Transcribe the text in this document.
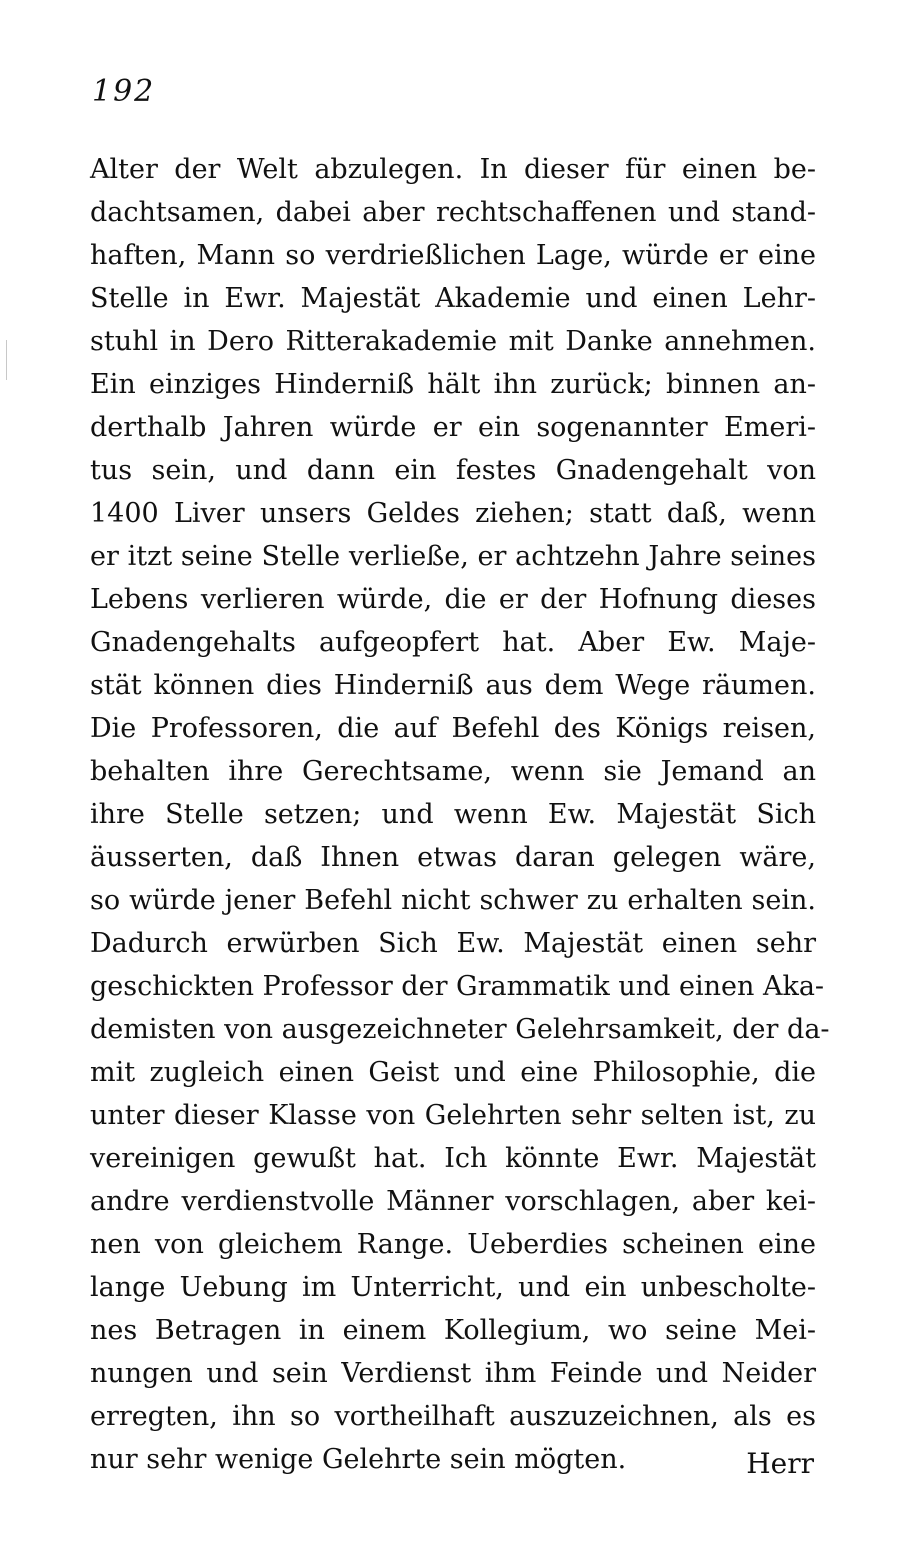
192
Alter der Welt abzulegen. In dieser für einen be-
dachtsamen, dabei aber rechtschaffenen und stand-
haften, Mann so verdrießlichen Lage, würde er eine
Stelle in Ewr. Majestät Akademie und einen Lehr-
stuhl in Dero Ritterakademie mit Danke annehmen.
Ein einziges Hinderniß hält ihn zurück; binnen an-
derthalb Jahren würde er ein sogenannter Emeri-
tus sein, und dann ein festes Gnadengehalt von
1400 Liver unsers Geldes ziehen; statt daß, wenn
er itzt seine Stelle verließe, er achtzehn Jahre seines
Lebens verlieren würde, die er der Hofnung dieses
Gnadengehalts aufgeopfert hat. Aber Ew. Maje-
stät können dies Hinderniß aus dem Wege räumen.
Die Professoren, die auf Befehl des Königs reisen,
behalten ihre Gerechtsame, wenn sie Jemand an
ihre Stelle setzen; und wenn Ew. Majestät Sich
äusserten, daß Ihnen etwas daran gelegen wäre,
so würde jener Befehl nicht schwer zu erhalten sein.
Dadurch erwürben Sich Ew. Majestät einen sehr
geschickten Professor der Grammatik und einen Aka-
demisten von ausgezeichneter Gelehrsamkeit, der da-
mit zugleich einen Geist und eine Philosophie, die
unter dieser Klasse von Gelehrten sehr selten ist, zu
vereinigen gewußt hat. Ich könnte Ewr. Majestät
andre verdienstvolle Männer vorschlagen, aber kei-
nen von gleichem Range. Ueberdies scheinen eine
lange Uebung im Unterricht, und ein unbescholte-
nes Betragen in einem Kollegium, wo seine Mei-
nungen und sein Verdienst ihm Feinde und Neider
erregten, ihn so vortheilhaft auszuzeichnen, als es
nur sehr wenige Gelehrte sein mögten.	Herr
